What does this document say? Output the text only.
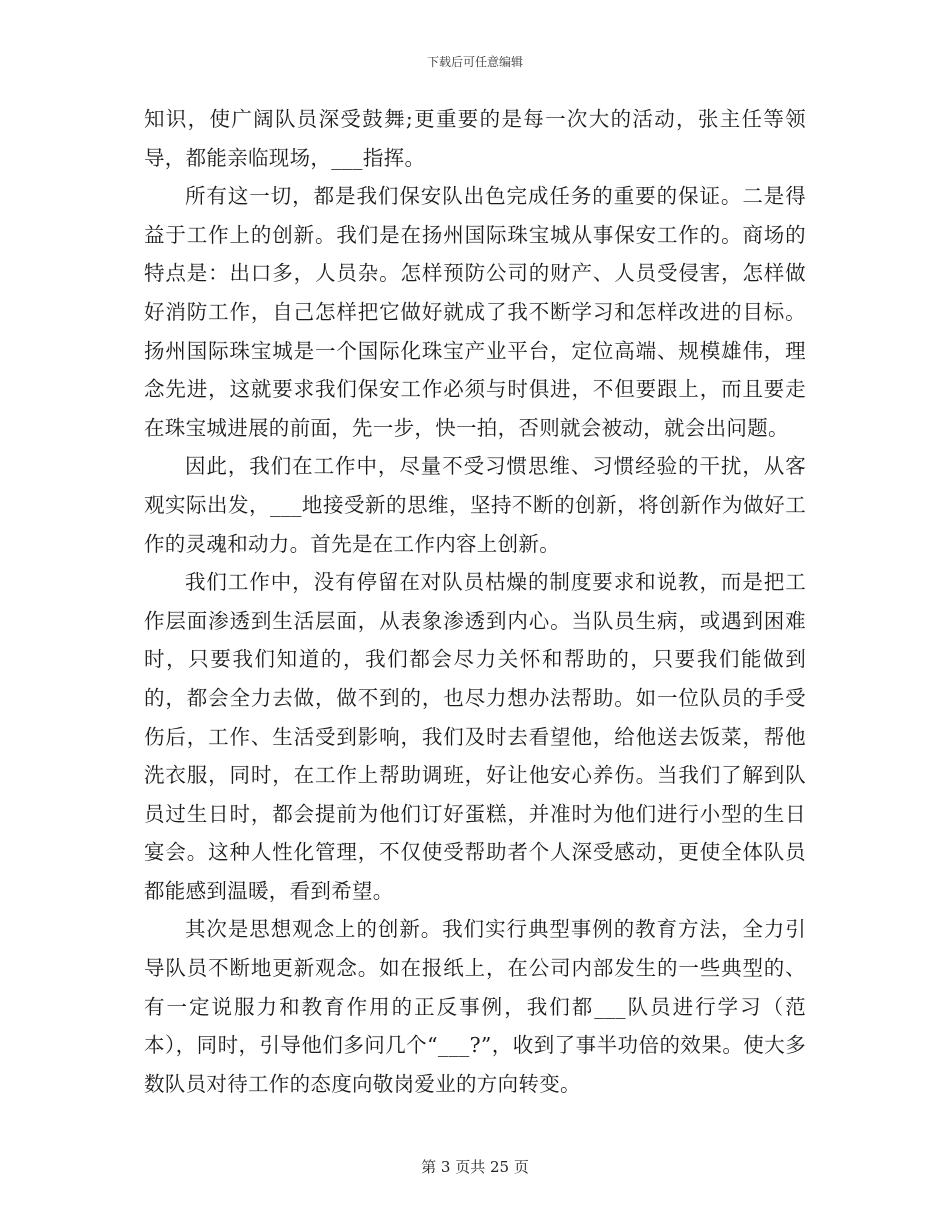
下载后可任意编辑

知识，使广阔队员深受鼓舞;更重要的是每一次大的活动，张主任等领导，都能亲临现场，___指挥。

所有这一切，都是我们保安队出色完成任务的重要的保证。二是得益于工作上的创新。我们是在扬州国际珠宝城从事保安工作的。商场的特点是：出口多，人员杂。怎样预防公司的财产、人员受侵害，怎样做好消防工作，自己怎样把它做好就成了我不断学习和怎样改进的目标。扬州国际珠宝城是一个国际化珠宝产业平台，定位高端、规模雄伟，理念先进，这就要求我们保安工作必须与时俱进，不但要跟上，而且要走在珠宝城进展的前面，先一步，快一拍，否则就会被动，就会出问题。

因此，我们在工作中，尽量不受习惯思维、习惯经验的干扰，从客观实际出发，___地接受新的思维，坚持不断的创新，将创新作为做好工作的灵魂和动力。首先是在工作内容上创新。

我们工作中，没有停留在对队员枯燥的制度要求和说教，而是把工作层面渗透到生活层面，从表象渗透到内心。当队员生病，或遇到困难时，只要我们知道的，我们都会尽力关怀和帮助的，只要我们能做到的，都会全力去做，做不到的，也尽力想办法帮助。如一位队员的手受伤后，工作、生活受到影响，我们及时去看望他，给他送去饭菜，帮他洗衣服，同时，在工作上帮助调班，好让他安心养伤。当我们了解到队员过生日时，都会提前为他们订好蛋糕，并准时为他们进行小型的生日宴会。这种人性化管理，不仅使受帮助者个人深受感动，更使全体队员都能感到温暖，看到希望。

其次是思想观念上的创新。我们实行典型事例的教育方法，全力引导队员不断地更新观念。如在报纸上，在公司内部发生的一些典型的、有一定说服力和教育作用的正反事例，我们都___队员进行学习（范本），同时，引导他们多问几个“___?”，收到了事半功倍的效果。使大多数队员对待工作的态度向敬岗爱业的方向转变。

第 3 页共 25 页
